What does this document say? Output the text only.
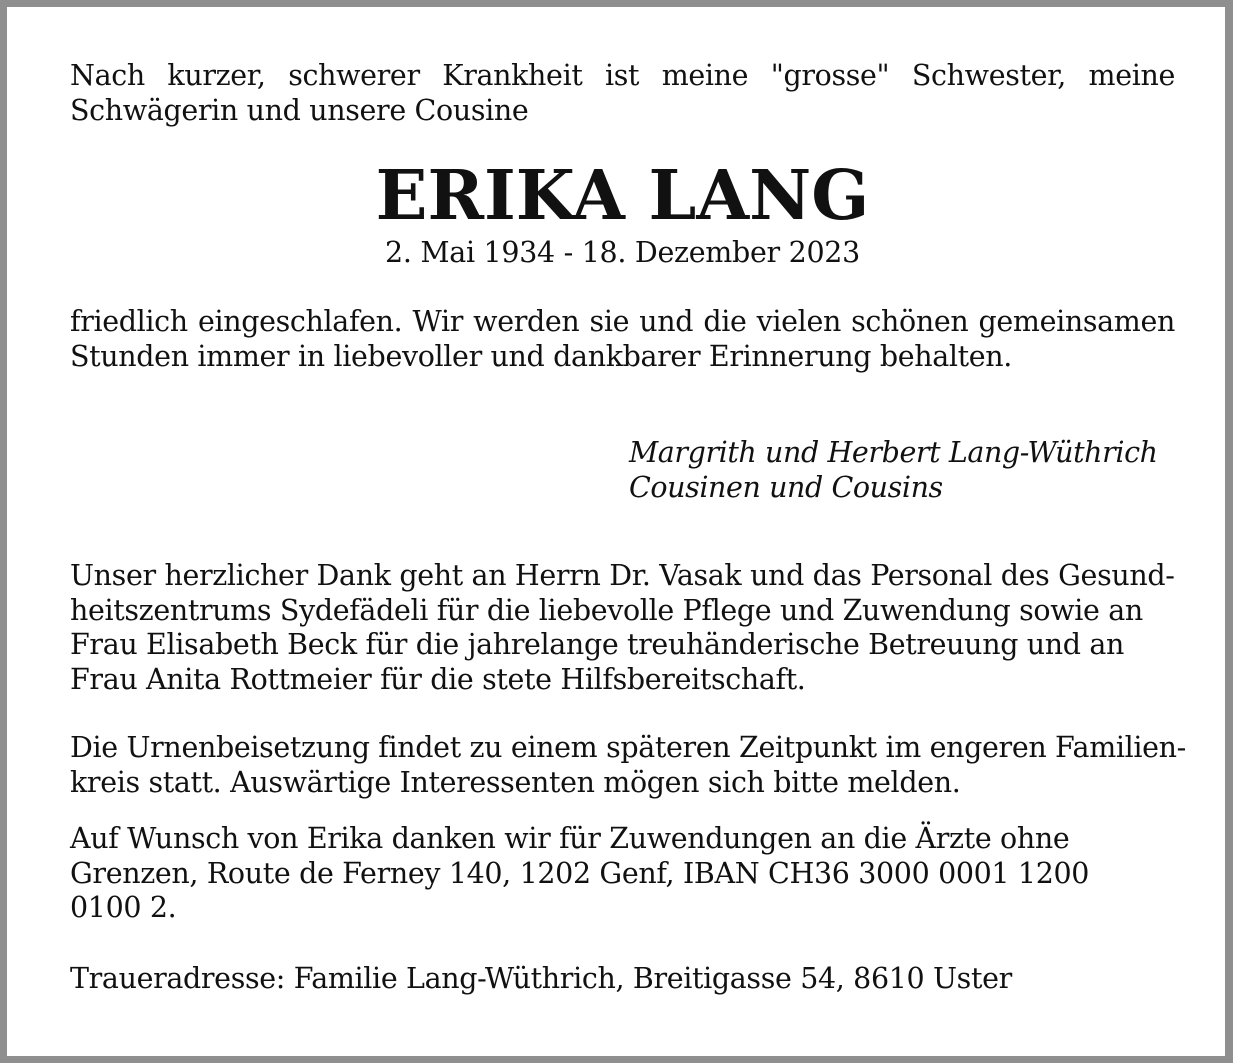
Nach kurzer, schwerer Krankheit ist meine "grosse" Schwester, meine Schwägerin und unsere Cousine

ERIKA LANG

2. Mai 1934 - 18. Dezember 2023

friedlich eingeschlafen. Wir werden sie und die vielen schönen gemeinsamen Stunden immer in liebevoller und dankbarer Erinnerung behalten.

Margrith und Herbert Lang-Wüthrich
Cousinen und Cousins
Unser herzlicher Dank geht an Herrn Dr. Vasak und das Personal des Gesund-
heitszentrums Sydefädeli für die liebevolle Pflege und Zuwendung sowie an
Frau Elisabeth Beck für die jahrelange treuhänderische Betreuung und an
Frau Anita Rottmeier für die stete Hilfsbereitschaft.
Die Urnenbeisetzung findet zu einem späteren Zeitpunkt im engeren Familien-
kreis statt. Auswärtige Interessenten mögen sich bitte melden.
Auf Wunsch von Erika danken wir für Zuwendungen an die Ärzte ohne
Grenzen, Route de Ferney 140, 1202 Genf, IBAN CH36 3000 0001 1200
0100 2.

Traueradresse: Familie Lang-Wüthrich, Breitigasse 54, 8610 Uster
